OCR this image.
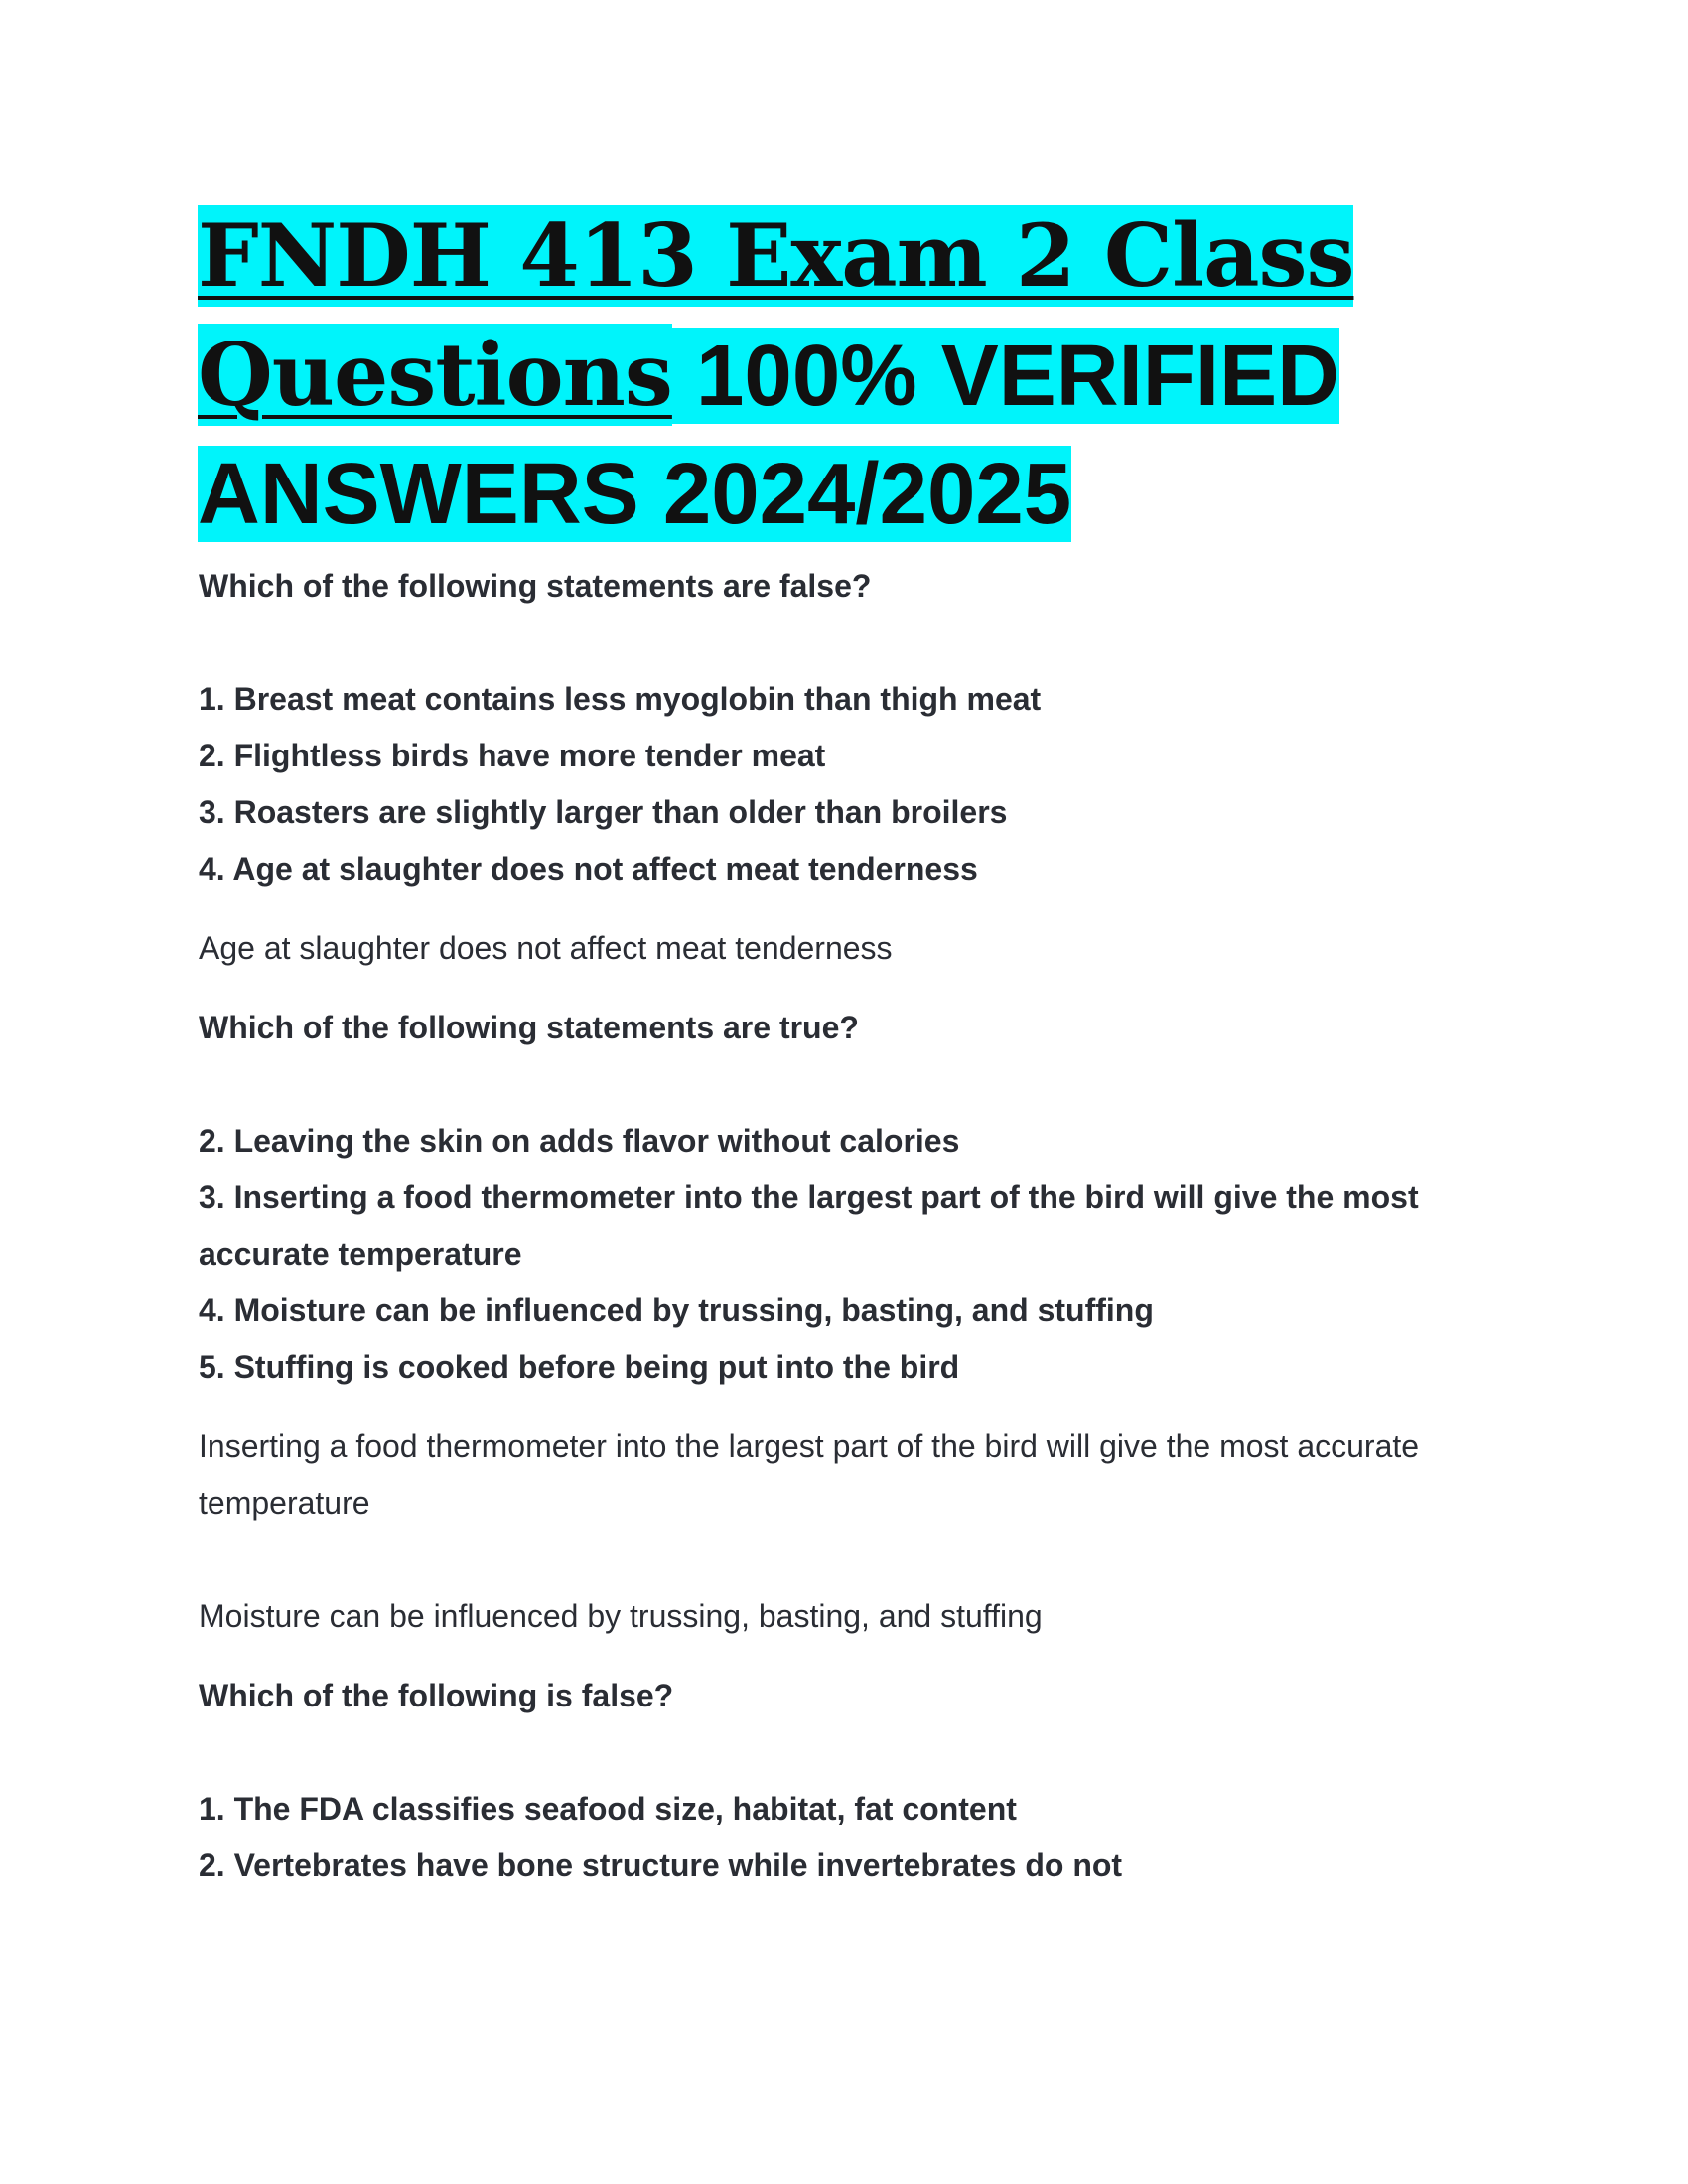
FNDH 413 Exam 2 Class
Questions 100% VERIFIED
ANSWERS 2024/2025
Which of the following statements are false?
1. Breast meat contains less myoglobin than thigh meat
2. Flightless birds have more tender meat
3. Roasters are slightly larger than older than broilers
4. Age at slaughter does not affect meat tenderness
Age at slaughter does not affect meat tenderness
Which of the following statements are true?
2. Leaving the skin on adds flavor without calories
3. Inserting a food thermometer into the largest part of the bird will give the most
accurate temperature
4. Moisture can be influenced by trussing, basting, and stuffing
5. Stuffing is cooked before being put into the bird
Inserting a food thermometer into the largest part of the bird will give the most accurate
temperature
Moisture can be influenced by trussing, basting, and stuffing
Which of the following is false?
1. The FDA classifies seafood size, habitat, fat content
2. Vertebrates have bone structure while invertebrates do not
